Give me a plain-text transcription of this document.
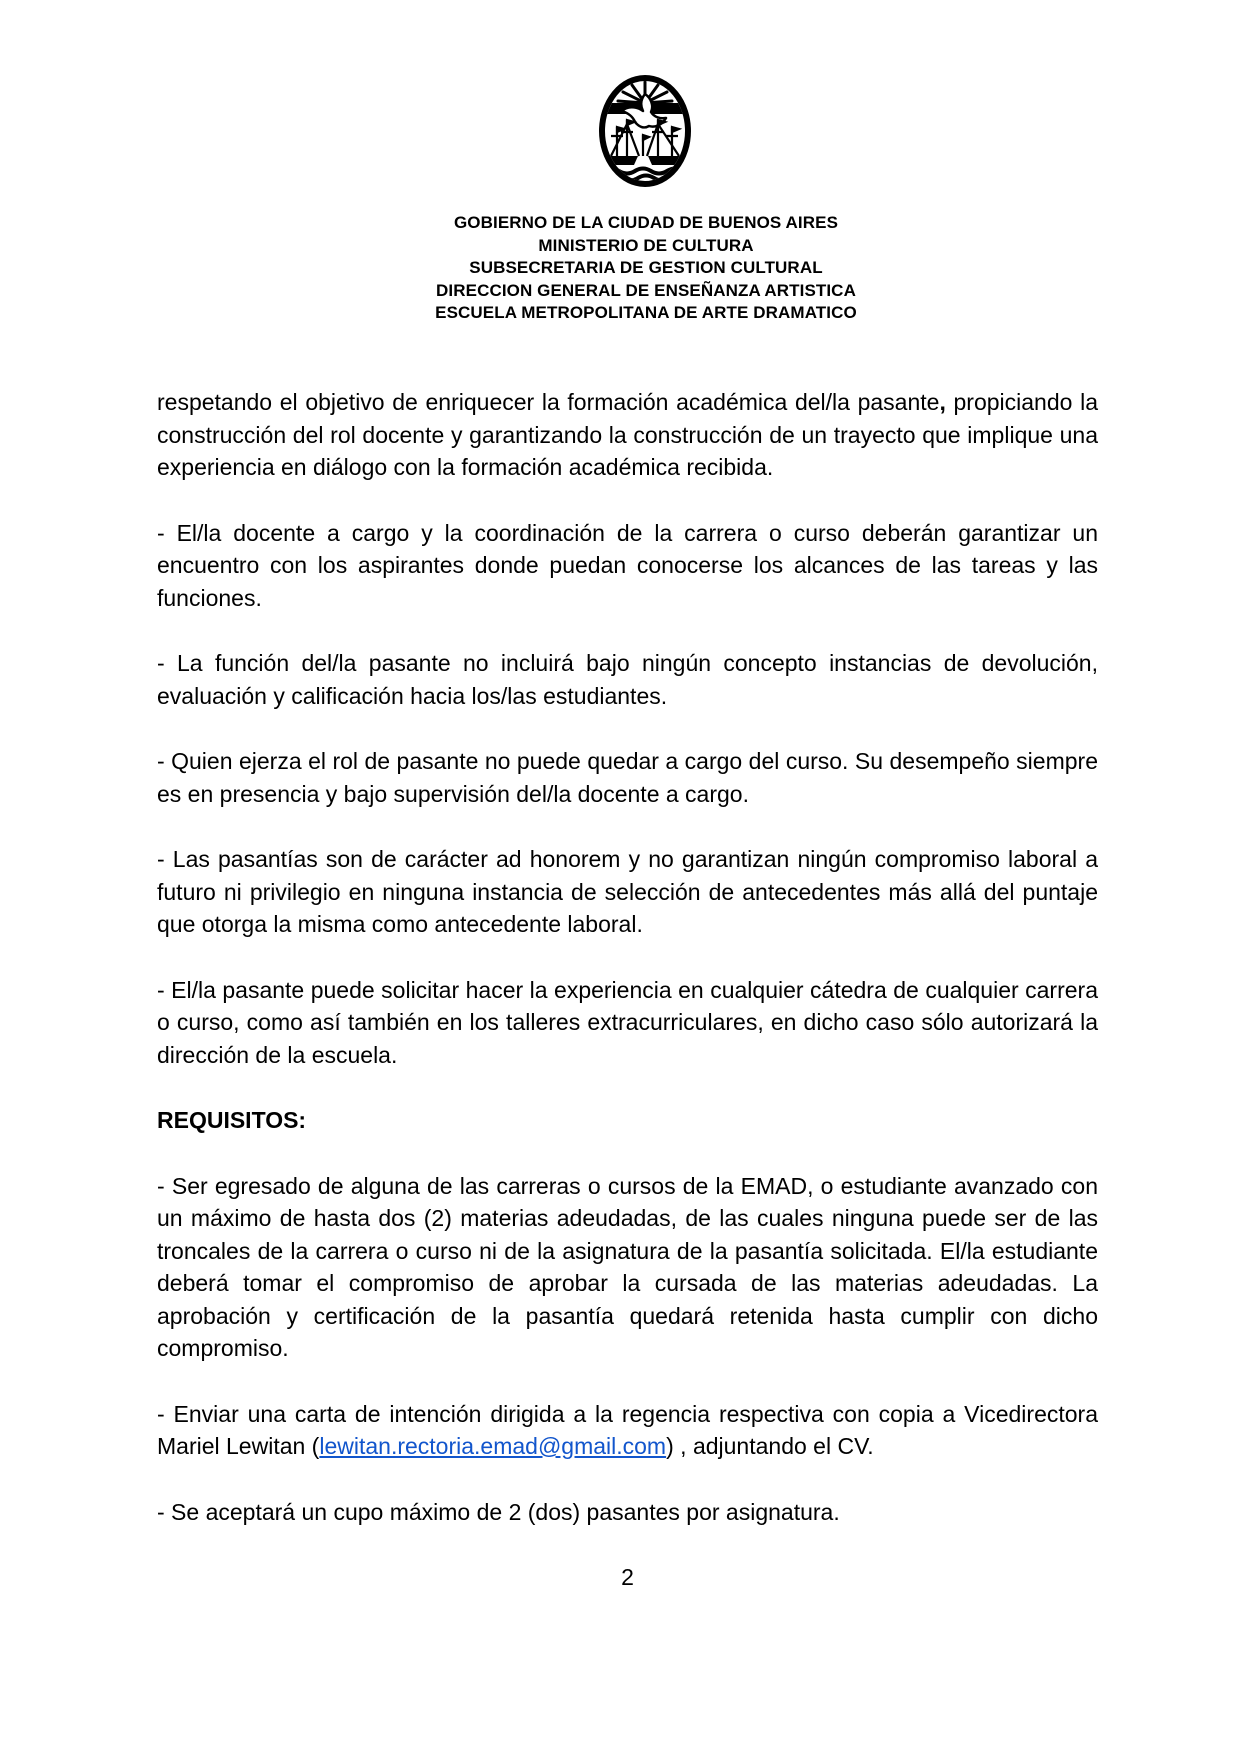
GOBIERNO DE LA CIUDAD DE BUENOS AIRES
MINISTERIO DE CULTURA
SUBSECRETARIA DE GESTION CULTURAL
DIRECCION GENERAL DE ENSEÑANZA ARTISTICA
ESCUELA METROPOLITANA DE ARTE DRAMATICO

respetando el objetivo de enriquecer la formación académica del/la pasante, propiciando la construcción del rol docente y garantizando la construcción de un trayecto que implique una experiencia en diálogo con la formación académica recibida.

- El/la docente a cargo y la coordinación de la carrera o curso deberán garantizar un encuentro con los aspirantes donde puedan conocerse los alcances de las tareas y las funciones.

- La función del/la pasante no incluirá bajo ningún concepto instancias de devolución, evaluación y calificación hacia los/las estudiantes.

- Quien ejerza el rol de pasante no puede quedar a cargo del curso. Su desempeño siempre es en presencia y bajo supervisión del/la docente a cargo.

- Las pasantías son de carácter ad honorem y no garantizan ningún compromiso laboral a futuro ni privilegio en ninguna instancia de selección de antecedentes más allá del puntaje que otorga la misma como antecedente laboral.

- El/la pasante puede solicitar hacer la experiencia en cualquier cátedra de cualquier carrera o curso, como así también en los talleres extracurriculares, en dicho caso sólo autorizará la dirección de la escuela.

REQUISITOS:

- Ser egresado de alguna de las carreras o cursos de la EMAD, o estudiante avanzado con un máximo de hasta dos (2) materias adeudadas, de las cuales ninguna puede ser de las troncales de la carrera o curso ni de la asignatura de la pasantía solicitada. El/la estudiante deberá tomar el compromiso de aprobar la cursada de las materias adeudadas. La aprobación y certificación de la pasantía quedará retenida hasta cumplir con dicho compromiso.

- Enviar una carta de intención dirigida a la regencia respectiva con copia a Vicedirectora Mariel Lewitan (lewitan.rectoria.emad@gmail.com) , adjuntando el CV.

- Se aceptará un cupo máximo de 2 (dos) pasantes por asignatura.

2
